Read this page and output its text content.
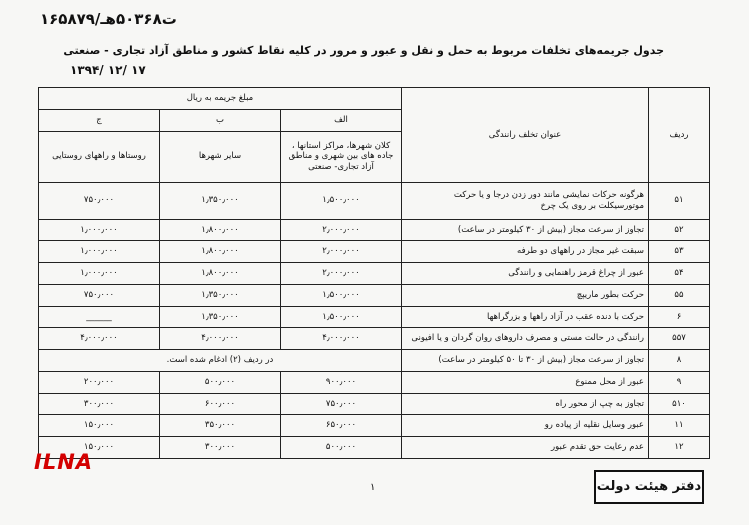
۱۶۵۸۷۹/ت۵۰۳۶۸هـ
جدول جریمه‌های تخلفات مربوط به حمل و نقل و عبور و مرور در کلیه نقاط کشور و مناطق آزاد تجاری - صنعتی
۱۳۹۴/ ۱۲/ ۱۷
ردیف	عنوان تخلف رانندگی	مبلغ جریمه به ریال		
		الف	ب	ج
		کلان شهرها، مراکز استانها ، جاده های بین شهری و مناطق آزاد تجاری- صنعتی	سایر شهرها	روستاها و راههای روستایی
۵۱	هرگونه حرکات نمایشی مانند دور زدن درجا و یا حرکت موتورسیکلت بر روی یک چرخ	۱٫۵۰۰٫۰۰۰	۱٫۳۵۰٫۰۰۰	۷۵۰٫۰۰۰
۵۲	تجاوز از سرعت مجاز (بیش از ۳۰ کیلومتر در ساعت)	۲٫۰۰۰٫۰۰۰	۱٫۸۰۰٫۰۰۰	۱٫۰۰۰٫۰۰۰
۵۳	سبقت غیر مجاز در راههای دو طرفه	۲٫۰۰۰٫۰۰۰	۱٫۸۰۰٫۰۰۰	۱٫۰۰۰٫۰۰۰
۵۴	عبور از چراغ قرمز راهنمایی و رانندگی	۲٫۰۰۰٫۰۰۰	۱٫۸۰۰٫۰۰۰	۱٫۰۰۰٫۰۰۰
۵۵	حرکت بطور ماریپچ	۱٫۵۰۰٫۰۰۰	۱٫۳۵۰٫۰۰۰	۷۵۰٫۰۰۰
۶	حرکت با دنده عقب در آزاد راهها و بزرگراهها	۱٫۵۰۰٫۰۰۰	۱٫۳۵۰٫۰۰۰	______
۵۵۷	رانندگی در حالت مستی و مصرف داروهای روان گردان و یا افیونی	۴٫۰۰۰٫۰۰۰	۴٫۰۰۰٫۰۰۰	۴٫۰۰۰٫۰۰۰
۸	تجاوز از سرعت مجاز (بیش از ۳۰ تا ۵۰ کیلومتر در ساعت)	در ردیف (۲) ادغام شده است.		
۹	عبور از محل ممنوع	۹۰۰٫۰۰۰	۵۰۰٫۰۰۰	۲۰۰٫۰۰۰
۵۱۰	تجاوز به چپ از محور راه	۷۵۰٫۰۰۰	۶۰۰٫۰۰۰	۳۰۰٫۰۰۰
۱۱	عبور وسایل نقلیه از پیاده رو	۶۵۰٫۰۰۰	۳۵۰٫۰۰۰	۱۵۰٫۰۰۰
۱۲	عدم رعایت حق تقدم عبور	۵۰۰٫۰۰۰	۳۰۰٫۰۰۰	۱۵۰٫۰۰۰
ILNA
۱	دفتر هیئت دولت
